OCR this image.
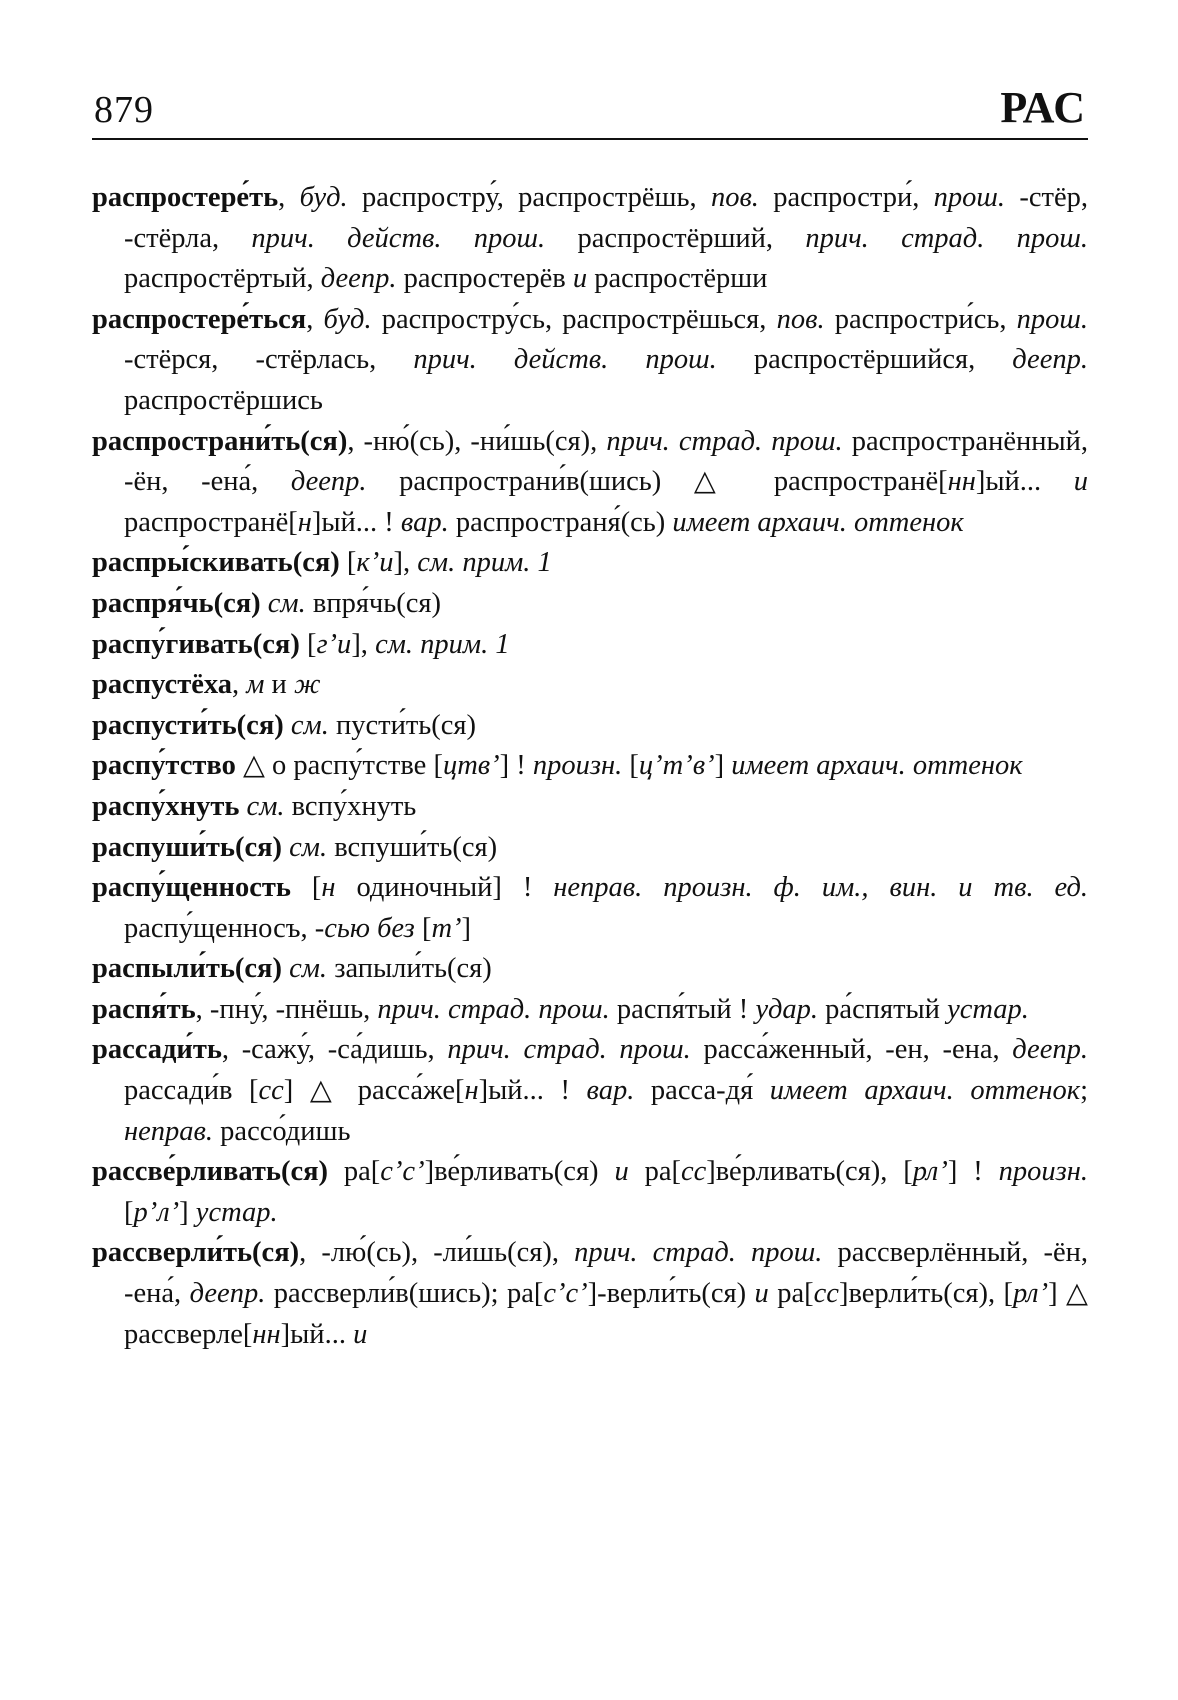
879	РАС

распростере́ть, буд. распростру́, распрострёшь, пов. распростри́, прош. -стёр, -стёрла, прич. действ. прош. распростёрший, прич. страд. прош. распростёртый, деепр. распростерёв и распростёрши

распростере́ться, буд. распростру́сь, распрострёшься, пов. распростри́сь, прош. -стёрся, -стёрлась, прич. действ. прош. распростёршийся, деепр. распростёршись

распространи́ть(ся), -ню́(сь), -ни́шь(ся), прич. страд. прош. распространённый, -ён, -ена́, деепр. распространи́в(шись) △ распространё[нн]ый... и распространё[н]ый... ! вар. распространя́(сь) имеет архаич. оттенок

распры́скивать(ся) [кʼи], см. прим. 1

распря́чь(ся) см. впря́чь(ся)

распу́гивать(ся) [гʼи], см. прим. 1

распустёха, м и ж

распусти́ть(ся) см. пусти́ть(ся)

распу́тство △ о распу́тстве [цтвʼ] ! произн. [цʼтʼвʼ] имеет архаич. оттенок

распу́хнуть см. вспу́хнуть

распуши́ть(ся) см. вспуши́ть(ся)

распу́щенность [н одиночный] ! неправ. произн. ф. им., вин. и тв. ед. распу́щенносъ, -сью без [тʼ]

распыли́ть(ся) см. запыли́ть(ся)

распя́ть, -пну́, -пнёшь, прич. страд. прош. распя́тый ! удар. ра́спятый устар.

рассади́ть, -сажу́, -са́дишь, прич. страд. прош. расса́женный, -ен, -ена, деепр. рассади́в [сс] △ расса́же[н]ый... ! вар. расса-дя́ имеет архаич. оттенок; неправ. рассо́дишь

рассве́рливать(ся) ра[сʼсʼ]ве́рливать(ся) и ра[сс]ве́рливать(ся), [рлʼ] ! произн. [рʼлʼ] устар.

рассверли́ть(ся), -лю́(сь), -ли́шь(ся), прич. страд. прош. рассверлённый, -ён, -ена́, деепр. рассверли́в(шись); ра[сʼсʼ]-верли́ть(ся) и ра[сс]верли́ть(ся), [рлʼ] △ рассверле[нн]ый... и
